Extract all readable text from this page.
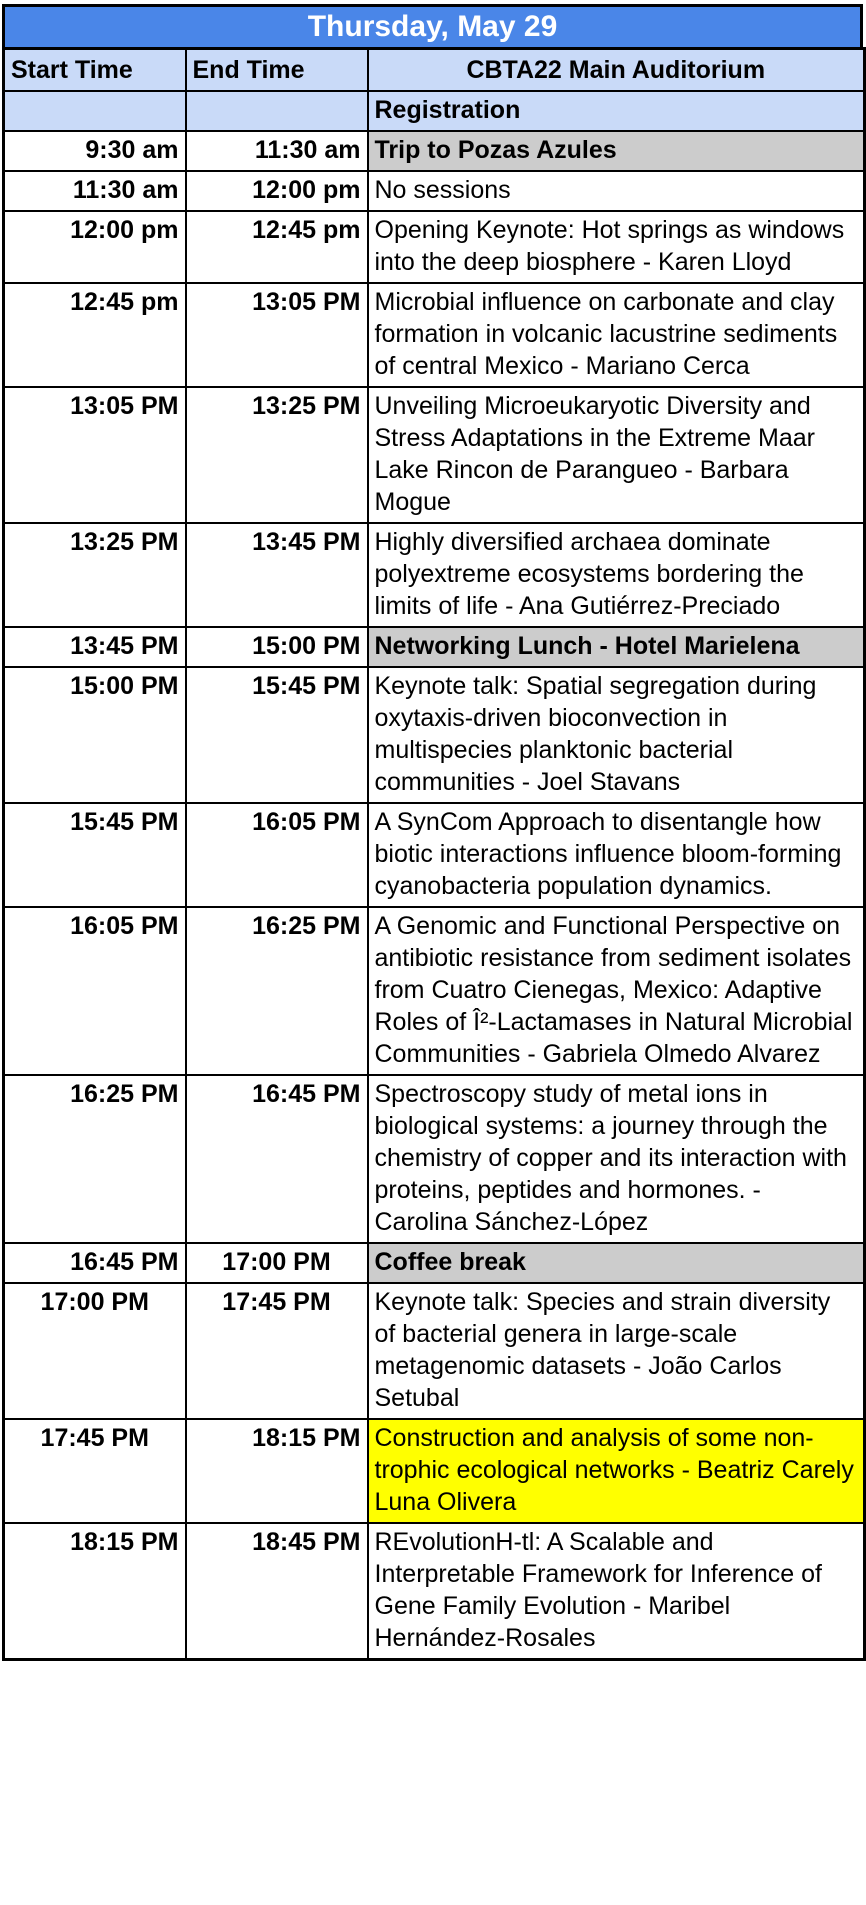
Thursday, May 29
Start Time	End Time	CBTA22 Main Auditorium
		Registration
9:30 am	11:30 am	Trip to Pozas Azules
11:30 am	12:00 pm	No sessions
12:00 pm	12:45 pm	Opening Keynote: Hot springs as windows into the deep biosphere - Karen Lloyd
12:45 pm	13:05 PM	Microbial influence on carbonate and clay formation in volcanic lacustrine sediments of central Mexico - Mariano Cerca
13:05 PM	13:25 PM	Unveiling Microeukaryotic Diversity and Stress Adaptations in the Extreme Maar Lake Rincon de Parangueo - Barbara Mogue
13:25 PM	13:45 PM	Highly diversified archaea dominate polyextreme ecosystems bordering the limits of life - Ana Gutiérrez-Preciado
13:45 PM	15:00 PM	Networking Lunch - Hotel Marielena
15:00 PM	15:45 PM	Keynote talk: Spatial segregation during oxytaxis-driven bioconvection in multispecies planktonic bacterial communities - Joel Stavans
15:45 PM	16:05 PM	A SynCom Approach to disentangle how biotic interactions influence bloom-forming cyanobacteria population dynamics.
16:05 PM	16:25 PM	A Genomic and Functional Perspective on antibiotic resistance from sediment isolates from Cuatro Cienegas, Mexico: Adaptive Roles of Î²-Lactamases in Natural Microbial Communities - Gabriela Olmedo Alvarez
16:25 PM	16:45 PM	Spectroscopy study of metal ions in biological systems: a journey through the chemistry of copper and its interaction with proteins, peptides and hormones. - Carolina Sánchez-López
16:45 PM	17:00 PM	Coffee break
17:00 PM	17:45 PM	Keynote talk: Species and strain diversity of bacterial genera in large-scale metagenomic datasets - João Carlos Setubal
17:45 PM	18:15 PM	Construction and analysis of some non-trophic ecological networks - Beatriz Carely Luna Olivera
18:15 PM	18:45 PM	REvolutionH-tl: A Scalable and Interpretable Framework for Inference of Gene Family Evolution - Maribel Hernández-Rosales
